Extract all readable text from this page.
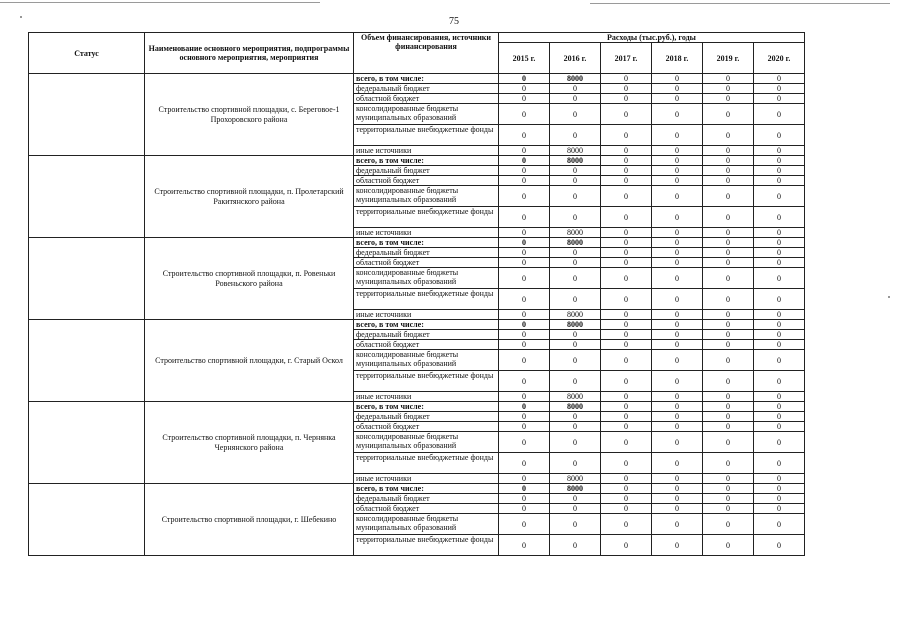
75
Статус	Наименование основного мероприятия, подпрограммы основного мероприятия, мероприятия	Объем финансирования, источники финансирования	Расходы (тыс.руб.), годы					
			2015 г.	2016 г.	2017 г.	2018 г.	2019 г.	2020 г.
	Строительство спортивной площадки, с. Береговое-1 Прохоровского района	всего, в том числе:	0	8000	0	0	0	0
		федеральный бюджет	0	0	0	0	0	0
		областной бюджет	0	0	0	0	0	0
		консолидированные бюджеты муниципальных образований	0	0	0	0	0	0
		территориальные внебюджетные фонды	0	0	0	0	0	0
		иные источники	0	8000	0	0	0	0
	Строительство спортивной площадки, п. Пролетарский Ракитянского района	всего, в том числе:	0	8000	0	0	0	0
		федеральный бюджет	0	0	0	0	0	0
		областной бюджет	0	0	0	0	0	0
		консолидированные бюджеты муниципальных образований	0	0	0	0	0	0
		территориальные внебюджетные фонды	0	0	0	0	0	0
		иные источники	0	8000	0	0	0	0
	Строительство спортивной площадки, п. Ровеньки Ровеньского района	всего, в том числе:	0	8000	0	0	0	0
		федеральный бюджет	0	0	0	0	0	0
		областной бюджет	0	0	0	0	0	0
		консолидированные бюджеты муниципальных образований	0	0	0	0	0	0
		территориальные внебюджетные фонды	0	0	0	0	0	0
		иные источники	0	8000	0	0	0	0
	Строительство спортивной площадки, г. Старый Оскол	всего, в том числе:	0	8000	0	0	0	0
		федеральный бюджет	0	0	0	0	0	0
		областной бюджет	0	0	0	0	0	0
		консолидированные бюджеты муниципальных образований	0	0	0	0	0	0
		территориальные внебюджетные фонды	0	0	0	0	0	0
		иные источники	0	8000	0	0	0	0
	Строительство спортивной площадки, п. Чернянка Чернянского района	всего, в том числе:	0	8000	0	0	0	0
		федеральный бюджет	0	0	0	0	0	0
		областной бюджет	0	0	0	0	0	0
		консолидированные бюджеты муниципальных образований	0	0	0	0	0	0
		территориальные внебюджетные фонды	0	0	0	0	0	0
		иные источники	0	8000	0	0	0	0
	Строительство спортивной площадки, г. Шебекино	всего, в том числе:	0	8000	0	0	0	0
		федеральный бюджет	0	0	0	0	0	0
		областной бюджет	0	0	0	0	0	0
		консолидированные бюджеты муниципальных образований	0	0	0	0	0	0
		территориальные внебюджетные фонды	0	0	0	0	0	0
